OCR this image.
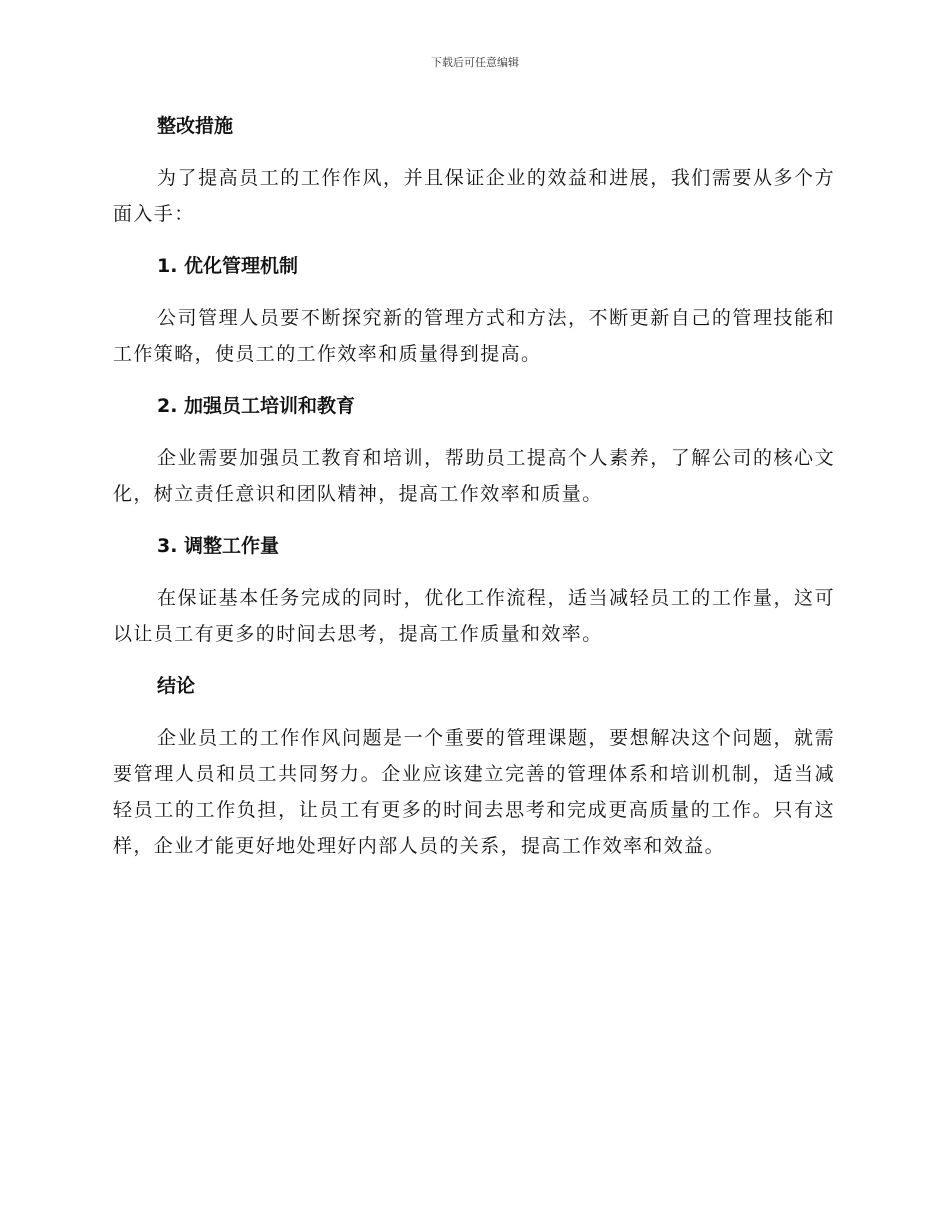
下载后可任意编辑
整改措施

为了提高员工的工作作风，并且保证企业的效益和进展，我们需要从多个方面入手：

1. 优化管理机制

公司管理人员要不断探究新的管理方式和方法，不断更新自己的管理技能和工作策略，使员工的工作效率和质量得到提高。

2. 加强员工培训和教育

企业需要加强员工教育和培训，帮助员工提高个人素养，了解公司的核心文化，树立责任意识和团队精神，提高工作效率和质量。

3. 调整工作量

在保证基本任务完成的同时，优化工作流程，适当减轻员工的工作量，这可以让员工有更多的时间去思考，提高工作质量和效率。

结论

企业员工的工作作风问题是一个重要的管理课题，要想解决这个问题，就需要管理人员和员工共同努力。企业应该建立完善的管理体系和培训机制，适当减轻员工的工作负担，让员工有更多的时间去思考和完成更高质量的工作。只有这样，企业才能更好地处理好内部人员的关系，提高工作效率和效益。
